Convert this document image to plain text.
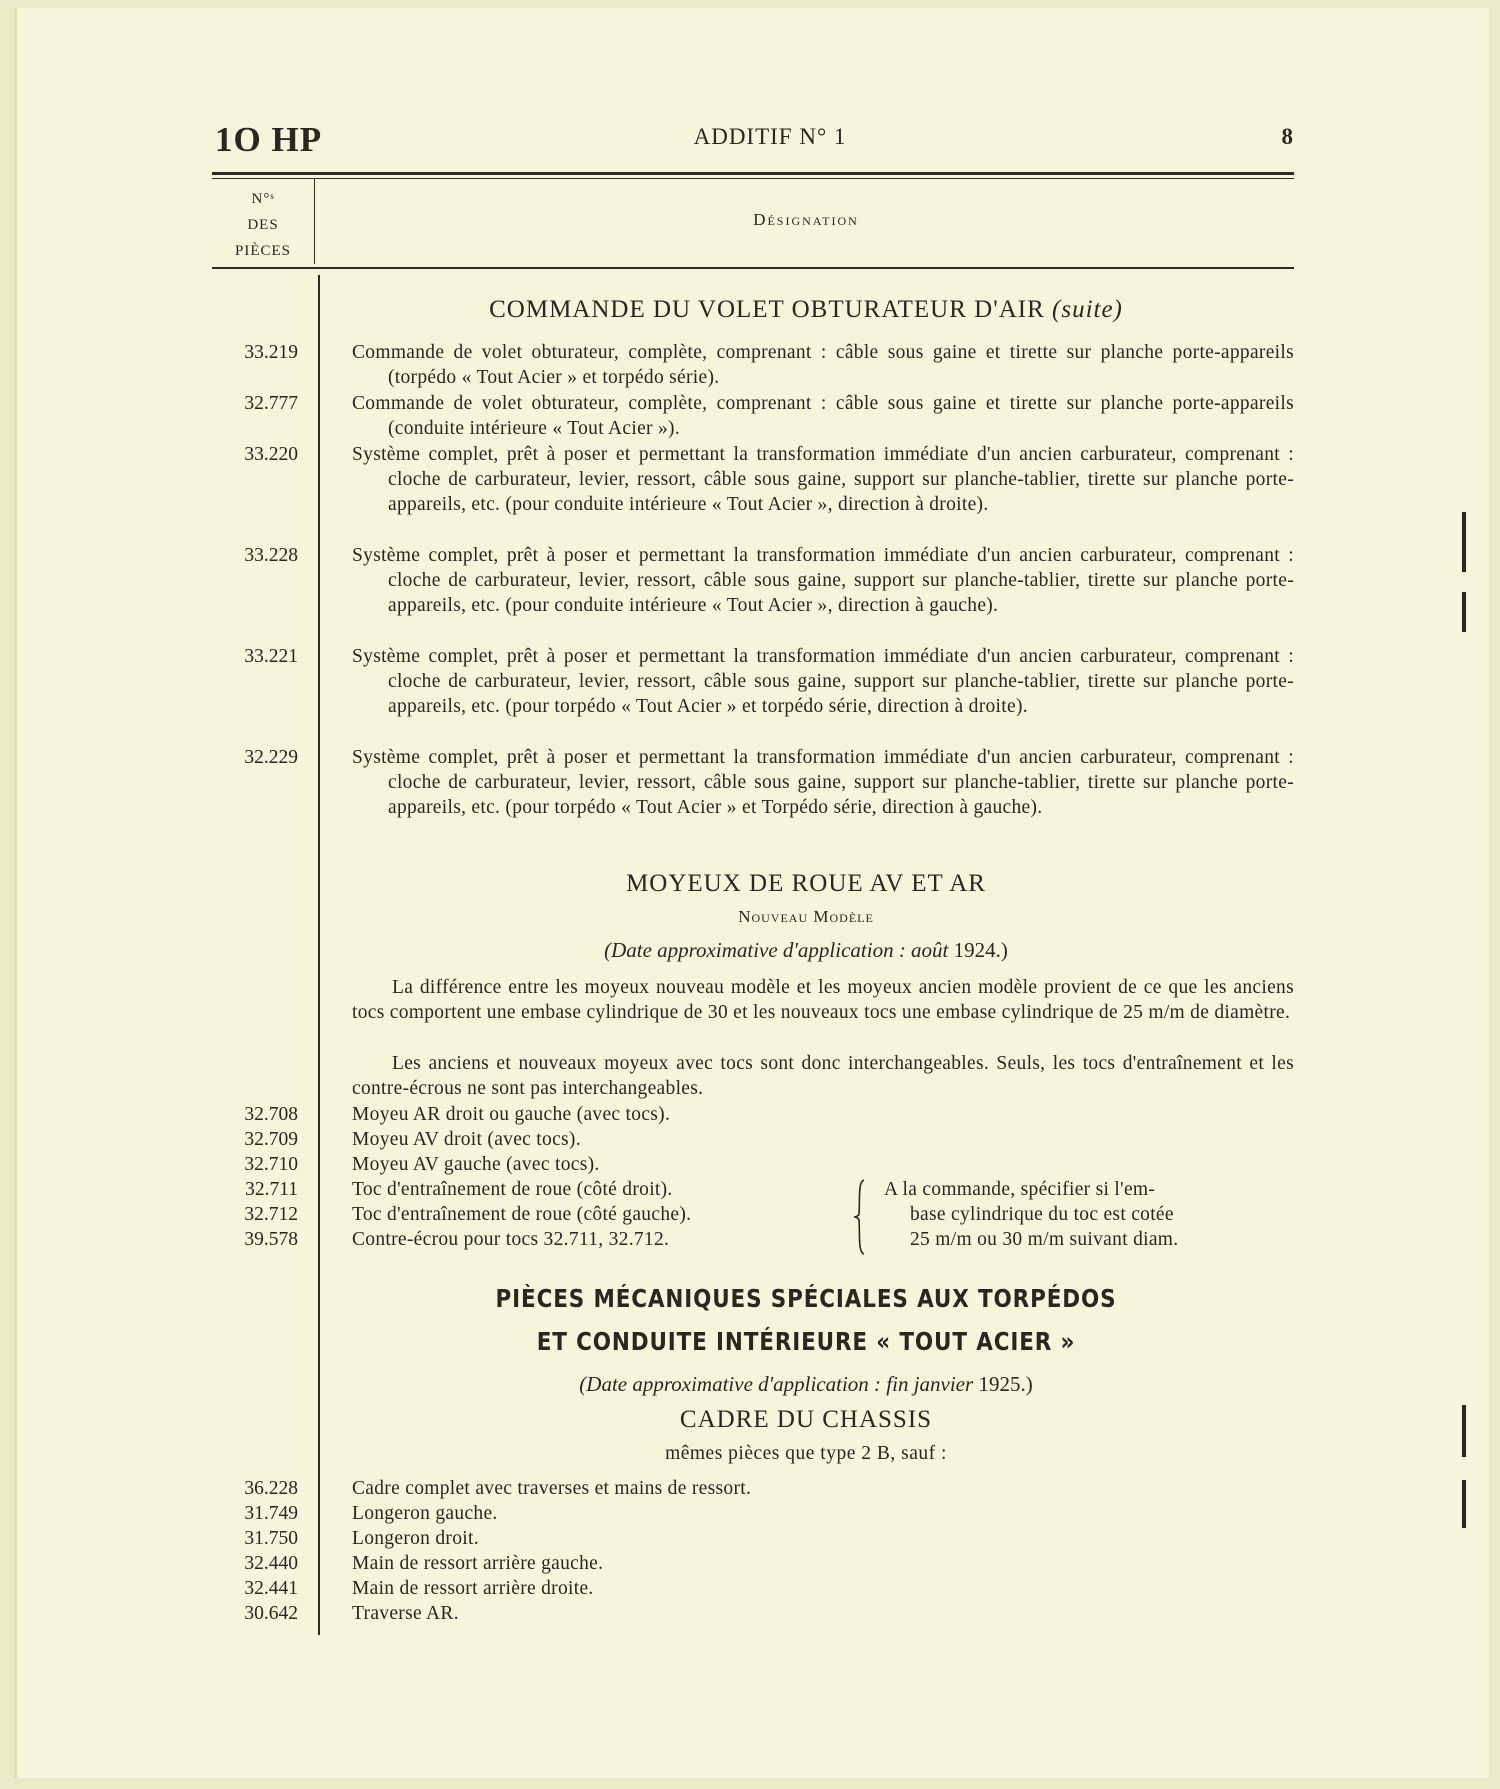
1O HP	ADDITIF N° 1	8
N°ˢ
DES
PIÈCES
Désignation
COMMANDE DU VOLET OBTURATEUR D'AIR (suite)
33.219	Commande de volet obturateur, complète, comprenant : câble sous gaine et tirette sur planche porte-appareils (torpédo « Tout Acier » et torpédo série).
32.777	Commande de volet obturateur, complète, comprenant : câble sous gaine et tirette sur planche porte-appareils (conduite intérieure « Tout Acier »).
33.220	Système complet, prêt à poser et permettant la transformation immédiate d'un ancien carburateur, comprenant : cloche de carburateur, levier, ressort, câble sous gaine, support sur planche-tablier, tirette sur planche porte-appareils, etc. (pour conduite intérieure « Tout Acier », direction à droite).
33.228	Système complet, prêt à poser et permettant la transformation immédiate d'un ancien carburateur, comprenant : cloche de carburateur, levier, ressort, câble sous gaine, support sur planche-tablier, tirette sur planche porte-appareils, etc. (pour conduite intérieure « Tout Acier », direction à gauche).
33.221	Système complet, prêt à poser et permettant la transformation immédiate d'un ancien carburateur, comprenant : cloche de carburateur, levier, ressort, câble sous gaine, support sur planche-tablier, tirette sur planche porte-appareils, etc. (pour torpédo « Tout Acier » et torpédo série, direction à droite).
32.229	Système complet, prêt à poser et permettant la transformation immédiate d'un ancien carburateur, comprenant : cloche de carburateur, levier, ressort, câble sous gaine, support sur planche-tablier, tirette sur planche porte-appareils, etc. (pour torpédo « Tout Acier » et Torpédo série, direction à gauche).
MOYEUX DE ROUE AV ET AR
Nouveau Modèle
(Date approximative d'application : août 1924.)
La différence entre les moyeux nouveau modèle et les moyeux ancien modèle provient de ce que les anciens tocs comportent une embase cylindrique de 30 et les nouveaux tocs une embase cylindrique de 25 m/m de diamètre.
Les anciens et nouveaux moyeux avec tocs sont donc interchangeables. Seuls, les tocs d'entraînement et les contre-écrous ne sont pas interchangeables.
32.708	Moyeu AR droit ou gauche (avec tocs).
32.709	Moyeu AV droit (avec tocs).
32.710	Moyeu AV gauche (avec tocs).
32.711	Toc d'entraînement de roue (côté droit).
32.712	Toc d'entraînement de roue (côté gauche).
39.578	Contre-écrou pour tocs 32.711, 32.712.
A la commande, spécifier si l'em-
base cylindrique du toc est cotée
25 m/m ou 30 m/m suivant diam.
PIÈCES MÉCANIQUES SPÉCIALES AUX TORPÉDOS
ET CONDUITE INTÉRIEURE « TOUT ACIER »
(Date approximative d'application : fin janvier 1925.)
CADRE DU CHASSIS
mêmes pièces que type 2 B, sauf :
36.228	Cadre complet avec traverses et mains de ressort.
31.749	Longeron gauche.
31.750	Longeron droit.
32.440	Main de ressort arrière gauche.
32.441	Main de ressort arrière droite.
30.642	Traverse AR.
